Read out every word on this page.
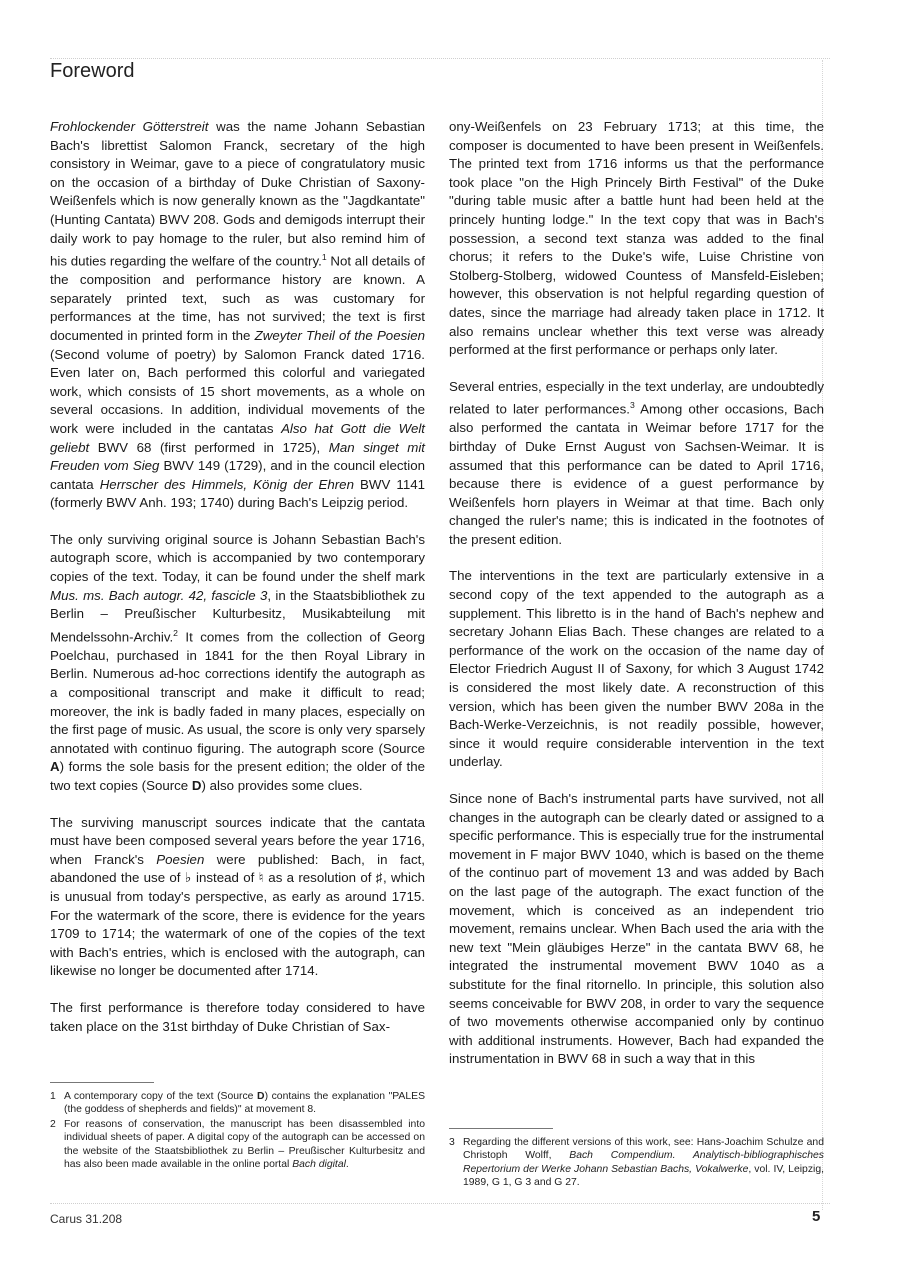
Foreword

Frohlockender Götterstreit was the name Johann Sebastian Bach's librettist Salomon Franck, secretary of the high consistory in Weimar, gave to a piece of congratulatory music on the occasion of a birthday of Duke Christian of Saxony-Weißenfels which is now generally known as the "Jagdkantate" (Hunting Cantata) BWV 208. Gods and demigods interrupt their daily work to pay homage to the ruler, but also remind him of his duties regarding the welfare of the country.$^1$ Not all details of the composition and performance history are known. A separately printed text, such as was customary for performances at the time, has not survived; the text is first documented in printed form in the Zweyter Theil of the Poesien (Second volume of poetry) by Salomon Franck dated 1716. Even later on, Bach performed this colorful and variegated work, which consists of 15 short movements, as a whole on several occasions. In addition, individual movements of the work were included in the cantatas Also hat Gott die Welt geliebt BWV 68 (first performed in 1725), Man singet mit Freuden vom Sieg BWV 149 (1729), and in the council election cantata Herrscher des Himmels, König der Ehren BWV 1141 (formerly BWV Anh. 193; 1740) during Bach's Leipzig period.

The only surviving original source is Johann Sebastian Bach's autograph score, which is accompanied by two contemporary copies of the text. Today, it can be found under the shelf mark Mus. ms. Bach autogr. 42, fascicle 3, in the Staatsbibliothek zu Berlin – Preußischer Kulturbesitz, Musikabteilung mit Mendelssohn-Archiv.$^2$ It comes from the collection of Georg Poelchau, purchased in 1841 for the then Royal Library in Berlin. Numerous ad-hoc corrections identify the autograph as a compositional transcript and make it difficult to read; moreover, the ink is badly faded in many places, especially on the first page of music. As usual, the score is only very sparsely annotated with continuo figuring. The autograph score (Source A) forms the sole basis for the present edition; the older of the two text copies (Source D) also provides some clues.

The surviving manuscript sources indicate that the cantata must have been composed several years before the year 1716, when Franck's Poesien were published: Bach, in fact, abandoned the use of ♭ instead of ♮ as a resolution of ♯, which is unusual from today's perspective, as early as around 1715. For the watermark of the score, there is evidence for the years 1709 to 1714; the watermark of one of the copies of the text with Bach's entries, which is enclosed with the autograph, can likewise no longer be documented after 1714.

The first performance is therefore today considered to have taken place on the 31st birthday of Duke Christian of Sax-

ony-Weißenfels on 23 February 1713; at this time, the composer is documented to have been present in Weißenfels. The printed text from 1716 informs us that the performance took place "on the High Princely Birth Festival" of the Duke "during table music after a battle hunt had been held at the princely hunting lodge." In the text copy that was in Bach's possession, a second text stanza was added to the final chorus; it refers to the Duke's wife, Luise Christine von Stolberg-Stolberg, widowed Countess of Mansfeld-Eisleben; however, this observation is not helpful regarding question of dates, since the marriage had already taken place in 1712. It also remains unclear whether this text verse was already performed at the first performance or perhaps only later.

Several entries, especially in the text underlay, are undoubtedly related to later performances.$^3$ Among other occasions, Bach also performed the cantata in Weimar before 1717 for the birthday of Duke Ernst August von Sachsen-Weimar. It is assumed that this performance can be dated to April 1716, because there is evidence of a guest performance by Weißenfels horn players in Weimar at that time. Bach only changed the ruler's name; this is indicated in the footnotes of the present edition.

The interventions in the text are particularly extensive in a second copy of the text appended to the autograph as a supplement. This libretto is in the hand of Bach's nephew and secretary Johann Elias Bach. These changes are related to a performance of the work on the occasion of the name day of Elector Friedrich August II of Saxony, for which 3 August 1742 is considered the most likely date. A reconstruction of this version, which has been given the number BWV 208a in the Bach-Werke-Verzeichnis, is not readily possible, however, since it would require considerable intervention in the text underlay.

Since none of Bach's instrumental parts have survived, not all changes in the autograph can be clearly dated or assigned to a specific performance. This is especially true for the instrumental movement in F major BWV 1040, which is based on the theme of the continuo part of movement 13 and was added by Bach on the last page of the autograph. The exact function of the movement, which is conceived as an independent trio movement, remains unclear. When Bach used the aria with the new text "Mein gläubiges Herze" in the cantata BWV 68, he integrated the instrumental movement BWV 1040 as a substitute for the final ritornello. In principle, this solution also seems conceivable for BWV 208, in order to vary the sequence of two movements otherwise accompanied only by continuo with additional instruments. However, Bach had expanded the instrumentation in BWV 68 in such a way that in this

1 A contemporary copy of the text (Source D) contains the explanation "PALES (the goddess of shepherds and fields)" at movement 8.
2 For reasons of conservation, the manuscript has been disassembled into individual sheets of paper. A digital copy of the autograph can be accessed on the website of the Staatsbibliothek zu Berlin – Preußischer Kulturbesitz and has also been made available in the online portal Bach digital.
3 Regarding the different versions of this work, see: Hans-Joachim Schulze and Christoph Wolff, Bach Compendium. Analytisch-bibliographisches Repertorium der Werke Johann Sebastian Bachs, Vokalwerke, vol. IV, Leipzig, 1989, G 1, G 3 and G 27.
Carus 31.208	5
